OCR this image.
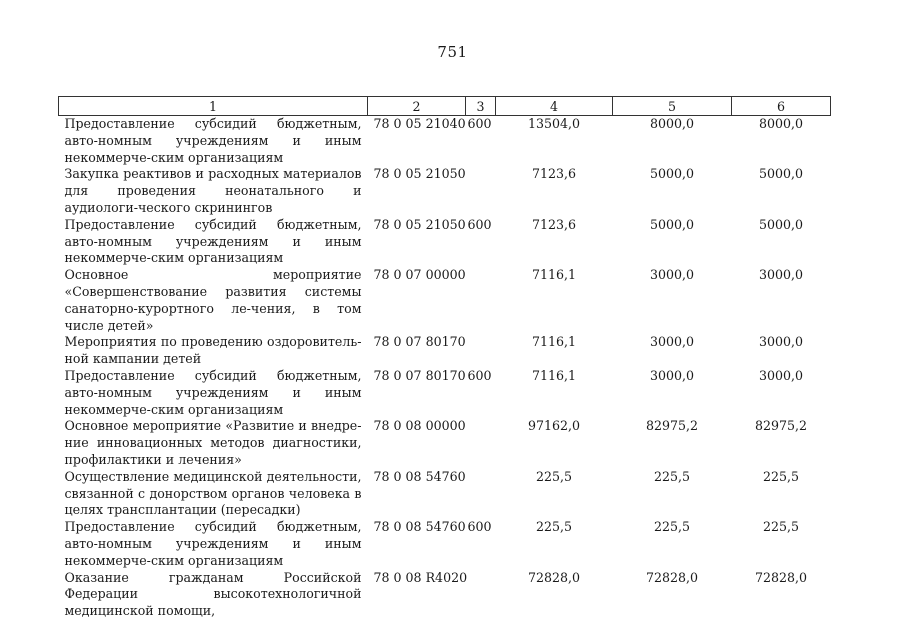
751
1	2	3	4	5	6
Предоставление субсидий бюджетным, авто-номным учреждениям и иным некоммерче-ским организациям	78 0 05 21040	600	13504,0	8000,0	8000,0
Закупка реактивов и расходных материалов для проведения неонатального и аудиологи-ческого скринингов	78 0 05 21050		7123,6	5000,0	5000,0
Предоставление субсидий бюджетным, авто-номным учреждениям и иным некоммерче-ским организациям	78 0 05 21050	600	7123,6	5000,0	5000,0
Основное мероприятие «Совершенствование развития системы санаторно-курортного ле-чения, в том числе детей»	78 0 07 00000		7116,1	3000,0	3000,0
Мероприятия по проведению оздоровитель-ной кампании детей	78 0 07 80170		7116,1	3000,0	3000,0
Предоставление субсидий бюджетным, авто-номным учреждениям и иным некоммерче-ским организациям	78 0 07 80170	600	7116,1	3000,0	3000,0
Основное мероприятие «Развитие и внедре-ние инновационных методов диагностики, профилактики и лечения»	78 0 08 00000		97162,0	82975,2	82975,2
Осуществление медицинской деятельности, связанной с донорством органов человека в целях трансплантации (пересадки)	78 0 08 54760		225,5	225,5	225,5
Предоставление субсидий бюджетным, авто-номным учреждениям и иным некоммерче-ским организациям	78 0 08 54760	600	225,5	225,5	225,5
Оказание гражданам Российской Федерации высокотехнологичной медицинской помощи,	78 0 08 R4020		72828,0	72828,0	72828,0
